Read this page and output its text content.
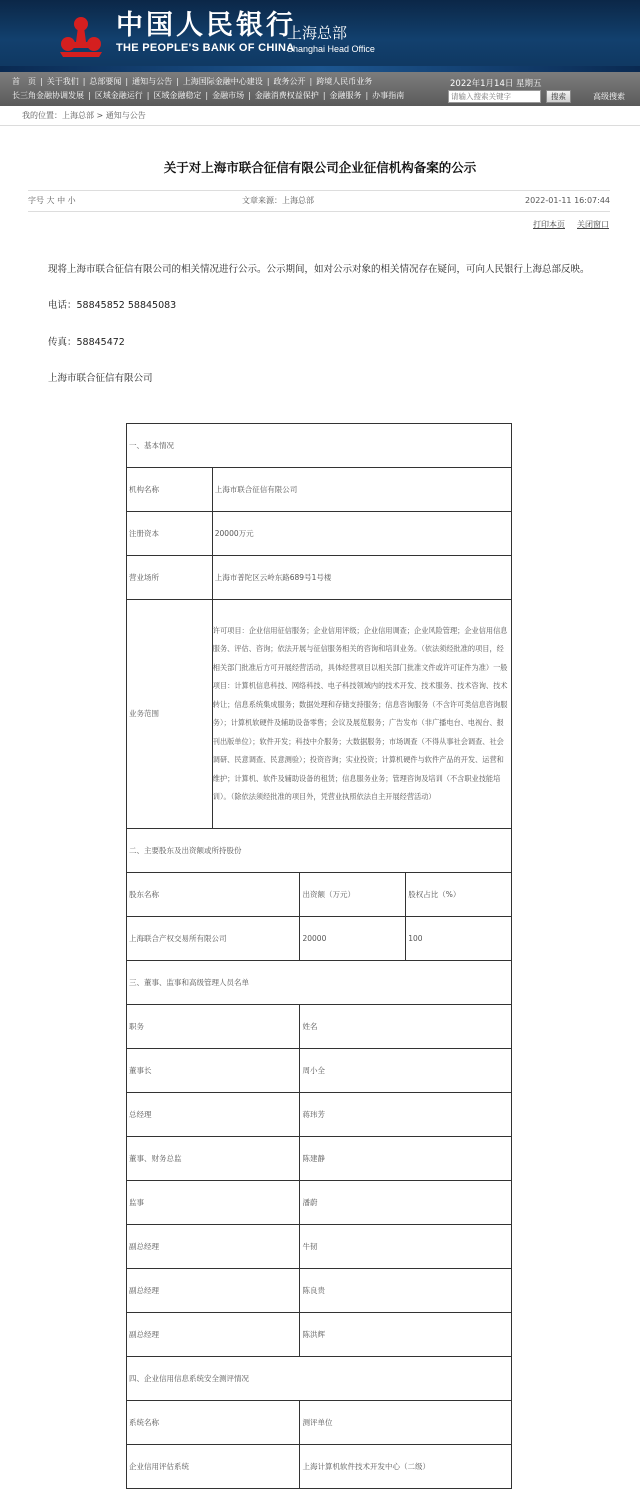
中国人民银行
THE PEOPLE'S BANK OF CHINA
上海总部
Shanghai Head Office
首　页 | 关于我们 | 总部要闻 | 通知与公告 | 上海国际金融中心建设 | 政务公开 | 跨境人民币业务
长三角金融协调发展 | 区域金融运行 | 区域金融稳定 | 金融市场 | 金融消费权益保护 | 金融服务 | 办事指南
2022年1月14日 星期五
请输入搜索关键字	搜索	高级搜索
我的位置：上海总部 > 通知与公告
关于对上海市联合征信有限公司企业征信机构备案的公示
字号 大 中 小	文章来源：上海总部	2022-01-11 16:07:44
打印本页 关闭窗口
现将上海市联合征信有限公司的相关情况进行公示。公示期间，如对公示对象的相关情况存在疑问，可向人民银行上海总部反映。
电话：58845852 58845083
传真：58845472
上海市联合征信有限公司
一、基本情况			
机构名称	上海市联合征信有限公司		
注册资本	20000万元		
营业场所	上海市普陀区云岭东路689号1号楼		
业务范围	许可项目：企业信用征信服务；企业信用评级；企业信用调查；企业风险管理；企业信用信息服务、评估、咨询；依法开展与征信服务相关的咨询和培训业务。（依法须经批准的项目，经相关部门批准后方可开展经营活动，具体经营项目以相关部门批准文件或许可证件为准）一般项目：计算机信息科技、网络科技、电子科技领域内的技术开发、技术服务、技术咨询、技术转让；信息系统集成服务；数据处理和存储支持服务；信息咨询服务（不含许可类信息咨询服务）；计算机软硬件及辅助设备零售；会议及展览服务；广告发布（非广播电台、电视台、报刊出版单位）；软件开发；科技中介服务；大数据服务；市场调查（不得从事社会调查、社会调研、民意调查、民意测验）；投资咨询；实业投资；计算机硬件与软件产品的开发、运营和维护；计算机、软件及辅助设备的租赁；信息服务业务；管理咨询及培训（不含职业技能培训）。（除依法须经批准的项目外，凭营业执照依法自主开展经营活动）		
二、主要股东及出资额或所持股份			
股东名称		出资额（万元）	股权占比（%）
上海联合产权交易所有限公司		20000	100
三、董事、监事和高级管理人员名单			
职务		姓名	
董事长		周小全	
总经理		蒋玮芳	
董事、财务总监		陈建静	
监事		潘蔚	
副总经理		牛韧	
副总经理		陈良贵	
副总经理		陈洪辉	
四、企业信用信息系统安全测评情况			
系统名称		测评单位	
企业信用评估系统		上海计算机软件技术开发中心（二级）	
